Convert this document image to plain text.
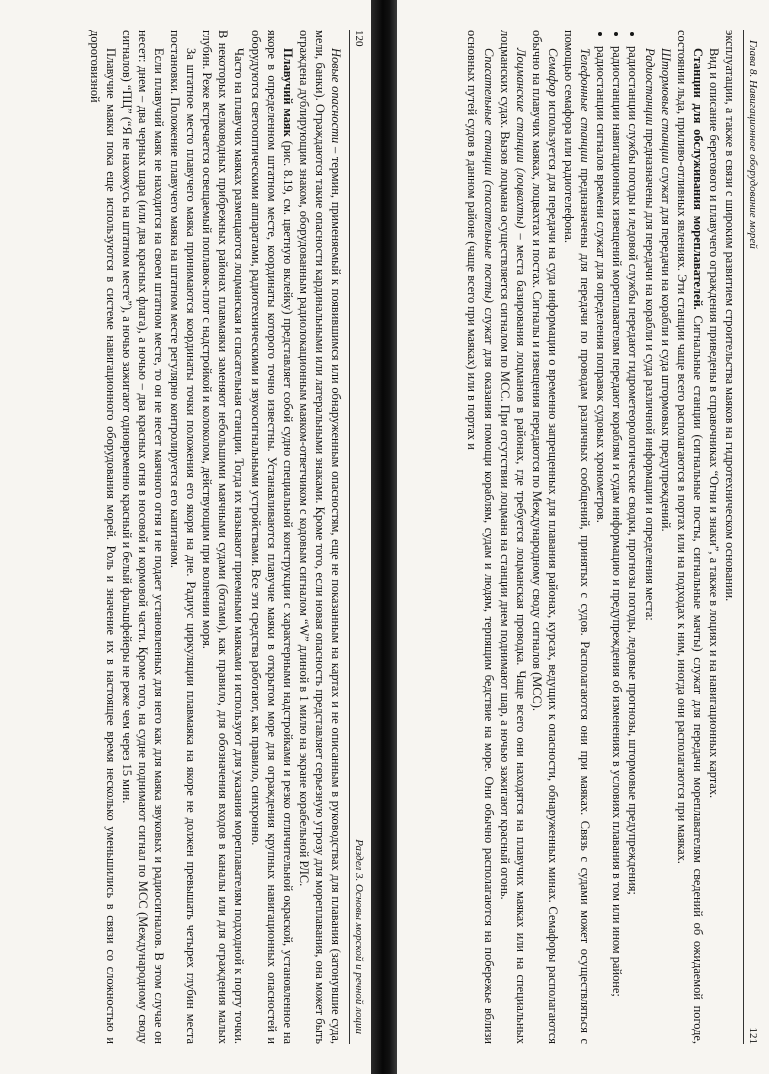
120
Раздел 3. Основы морской и речной лоции

Новые опасности – термин, применяемый к появившимся или обнаруженным опасностям, еще не показанным на картах и не описанным в руководствах для плавания (затонувшие суда, мели, банки). Ограждаются такие опасности кардинальными или латеральными знаками. Кроме того, если новая опасность представляет серьезную угрозу для мореплавания, она может быть ограждена дублирующим знаком, оборудованным радиолокационным маяком-ответчиком с кодовым сигналом “W” длиной в 1 милю на экране корабельной РЛС.

Плавучий маяк (рис. 8.19, см. цветную вклейку) представляет собой судно специальной конструкции с характерными надстройками и резко отличительной окраской, установленное на якоре в определенном штатном месте, координаты которого точно известны. Устанавливаются плавучие маяки в открытом море для ограждения крупных навигационных опасностей и оборудуются светооптическими аппаратами, радиотехническими и звукосигнальными устройствами. Все эти средства работают, как правило, синхронно.

Часто на плавучих маяках размещаются лоцманская и спасательная станции. Тогда их называют приемными маяками и используют для указания мореплавателям подходной к порту точки. В некоторых мелководных прибрежных районах плавмаяки заменяют небольшими маячными судами (ботами), как правило, для обозначения входов в каналы или для ограждения малых глубин. Реже встречается освещаемый поплавок-плот с надстройкой и колоколом, действующим при волнении моря.

За штатное место плавучего маяка принимаются координаты точки положения его якоря на дне. Радиус циркуляции плавмаяка на якоре не должен превышать четырех глубин места постановки. Положение плавучего маяка на штатном месте регулярно контролируется его капитаном.

Если плавучий маяк не находится на своем штатном месте, то он не несет маячного огня и не подает установленных для него как для маяка звуковых и радиосигналов. В этом случае он несет: днем – два черных шара (или два красных флага), а ночью – два красных огня в носовой и кормовой части. Кроме того, на судне поднимают сигнал по МСС (Международному своду сигналов) “ПЦ” (“Я не нахожусь на штатном месте”), а ночью зажигают одновременно красный и белый фальшфейеры не реже чем через 15 мин.

Плавучие маяки пока еще используются в системе навигационного оборудования морей. Роль и значение их в настоящее время несколько уменьшились в связи со сложностью и дороговизной	Глава 8. Навигационное оборудование морей
121

эксплуатации, а также в связи с широким развитием строительства маяков на гидротехническом основании.

Вид и описание берегового и плавучего ограждения приведены в справочниках “Огни и знаки”, а также в лоциях и на навигационных картах.

Станции для обслуживания мореплавателей. Сигнальные станции (сигнальные посты, сигнальные мачты) служат для передачи мореплавателям сведений об ожидаемой погоде, состоянии льда, приливо-отливных явлениях. Эти станции чаще всего располагаются в портах или на подходах к ним, иногда они располагаются при маяках.

Штормовые станции служат для передачи на корабли и суда штормовых предупреждений.

Радиостанции предназначены для передачи на корабли и суда различной информации и определения места:

• радиостанции службы погоды и ледовой службы передают гидрометеорологические сводки, прогнозы погоды, ледовые прогнозы, штормовые предупреждения;
• радиостанции навигационных извещений мореплавателям передают кораблям и судам информацию и предупреждения об изменениях в условиях плавания в том или ином районе;
• радиостанции сигналов времени служат для определения поправок судовых хронометров.

Телефонные станции предназначены для передачи по проводам различных сообщений, принятых с судов. Располагаются они при маяках. Связь с судами может осуществляться с помощью семафора или радиотелефона.

Семафор используется для передачи на суда информации о временно запрещенных для плавания районах, курсах, ведущих к опасности, обнаруженных минах. Семафоры располагаются обычно на плавучих маяках, лоцвахтах и постах. Сигналы и извещения передаются по Международному своду сигналов (МСС).

Лоцманские станции (лоцвахты) – места базирования лоцманов в районах, где требуется лоцманская проводка. Чаще всего они находятся на плавучих маяках или на специальных лоцманских судах. Вызов лоцмана осуществляется сигналом по МСС. При отсутствии лоцмана на станции днем поднимают шар, а ночью зажигают красный огонь.

Спасательные станции (спасательные посты) служат для оказания помощи кораблям, судам и людям, терпящим бедствие на море. Они обычно располагаются на побережье вблизи основных путей судов в данном районе (чаще всего при маяках) или в портах и
